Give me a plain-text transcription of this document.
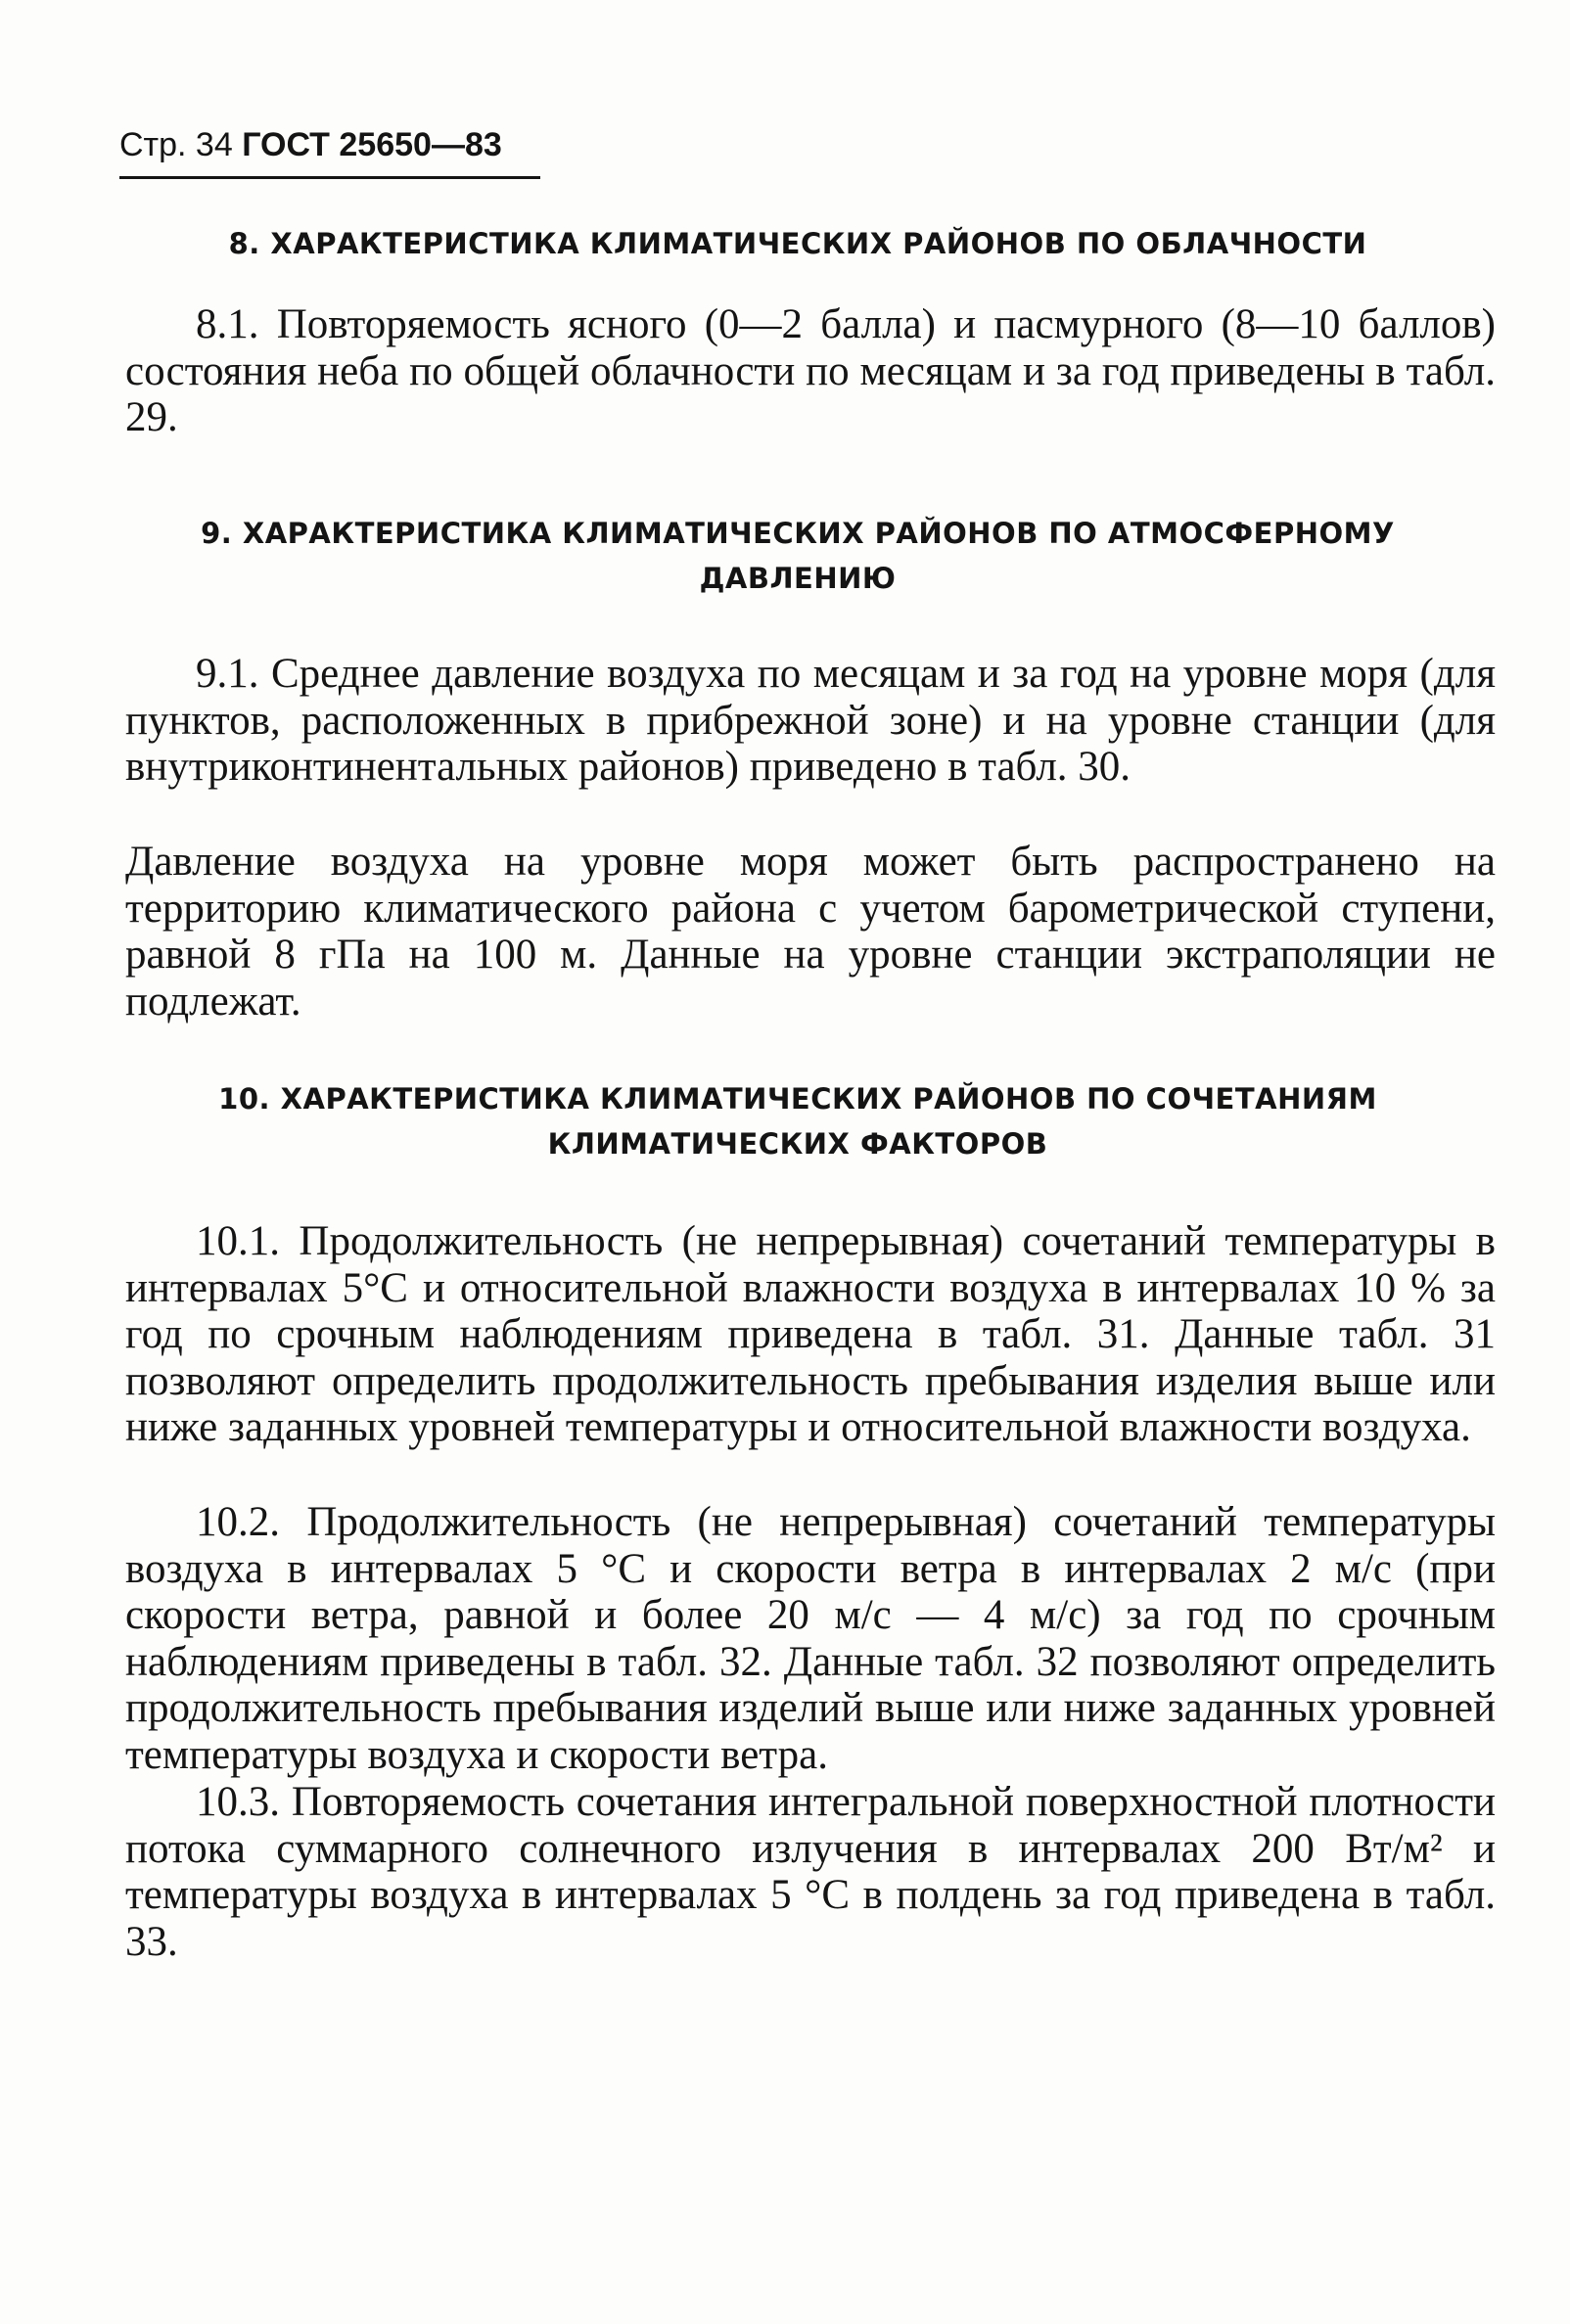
Стр. 34 ГОСТ 25650—83
8. ХАРАКТЕРИСТИКА КЛИМАТИЧЕСКИХ РАЙОНОВ ПО ОБЛАЧНОСТИ
8.1. Повторяемость ясного (0—2 балла) и пасмурного (8—10 баллов) состояния неба по общей облачности по месяцам и за год приведены в табл. 29.
9. ХАРАКТЕРИСТИКА КЛИМАТИЧЕСКИХ РАЙОНОВ ПО АТМОСФЕРНОМУ ДАВЛЕНИЮ
9.1. Среднее давление воздуха по месяцам и за год на уровне моря (для пунктов, расположенных в прибрежной зоне) и на уровне станции (для внутриконтинентальных районов) приведено в табл. 30.
Давление воздуха на уровне моря может быть распространено на территорию климатического района с учетом барометрической ступени, равной 8 гПа на 100 м. Данные на уровне станции экстраполяции не подлежат.
10. ХАРАКТЕРИСТИКА КЛИМАТИЧЕСКИХ РАЙОНОВ ПО СОЧЕТАНИЯМ КЛИМАТИЧЕСКИХ ФАКТОРОВ
10.1. Продолжительность (не непрерывная) сочетаний температуры в интервалах 5°С и относительной влажности воздуха в интервалах 10 % за год по срочным наблюдениям приведена в табл. 31. Данные табл. 31 позволяют определить продолжительность пребывания изделия выше или ниже заданных уровней температуры и относительной влажности воздуха.
10.2. Продолжительность (не непрерывная) сочетаний температуры воздуха в интервалах 5 °С и скорости ветра в интервалах 2 м/с (при скорости ветра, равной и более 20 м/с — 4 м/с) за год по срочным наблюдениям приведены в табл. 32. Данные табл. 32 позволяют определить продолжительность пребывания изделий выше или ниже заданных уровней температуры воздуха и скорости ветра.
10.3. Повторяемость сочетания интегральной поверхностной плотности потока суммарного солнечного излучения в интервалах 200 Вт/м² и температуры воздуха в интервалах 5 °С в полдень за год приведена в табл. 33.
